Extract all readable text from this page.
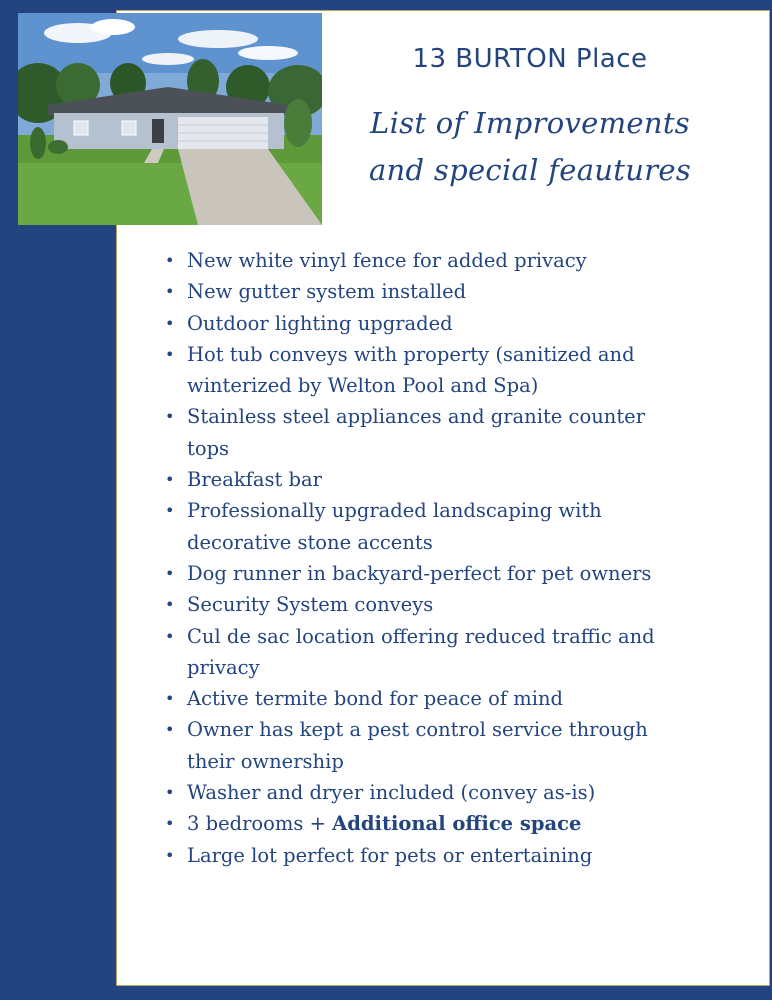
13 BURTON Place
List of Improvements
and special feautures
• New white vinyl fence for added privacy
• New gutter system installed
• Outdoor lighting upgraded
• Hot tub conveys with property (sanitized and
winterized by Welton Pool and Spa)
• Stainless steel appliances and granite counter
tops
• Breakfast bar
• Professionally upgraded landscaping with
decorative stone accents
• Dog runner in backyard-perfect for pet owners
• Security System conveys
• Cul de sac location offering reduced traffic and
privacy
• Active termite bond for peace of mind
• Owner has kept a pest control service through
their ownership
• Washer and dryer included (convey as-is)
• 3 bedrooms + Additional office space
• Large lot perfect for pets or entertaining
